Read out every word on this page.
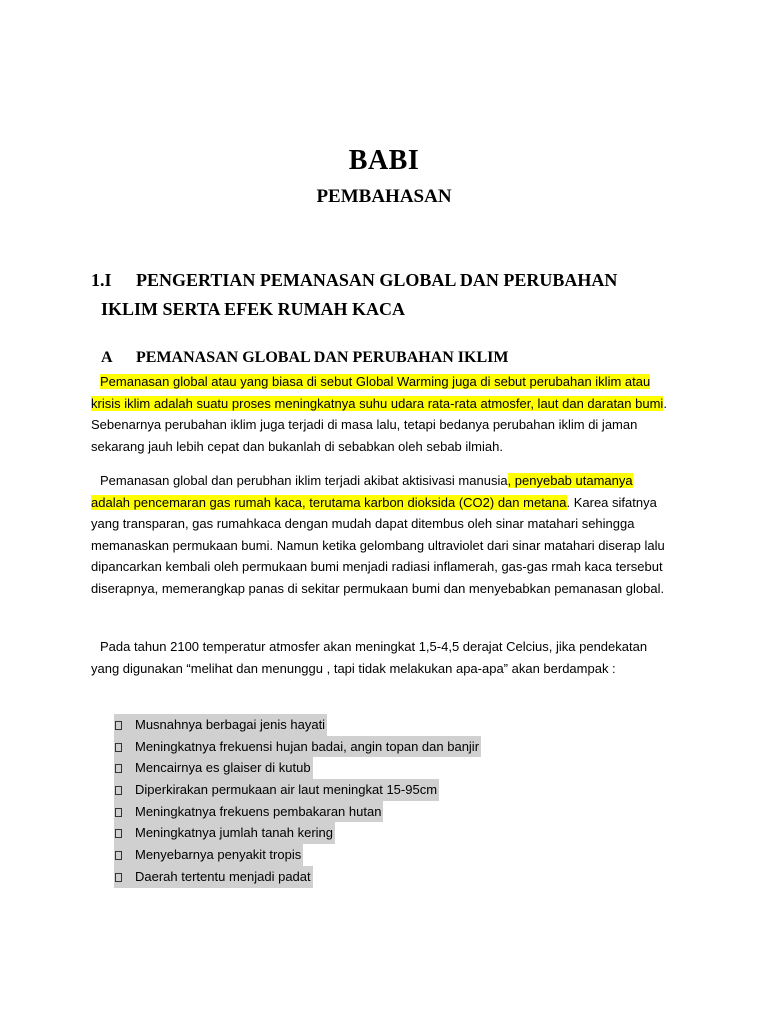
BABI
PEMBAHASAN
1.I PENGERTIAN PEMANASAN GLOBAL DAN PERUBAHAN
IKLIM SERTA EFEK RUMAH KACA
A PEMANASAN GLOBAL DAN PERUBAHAN IKLIM
Pemanasan global atau yang biasa di sebut Global Warming juga di sebut perubahan iklim atau krisis iklim adalah suatu proses meningkatnya suhu udara rata-rata atmosfer, laut dan daratan bumi. Sebenarnya perubahan iklim juga terjadi di masa lalu, tetapi bedanya perubahan iklim di jaman sekarang jauh lebih cepat dan bukanlah di sebabkan oleh sebab ilmiah.
Pemanasan global dan perubhan iklim terjadi akibat aktisivasi manusia, penyebab utamanya adalah pencemaran gas rumah kaca, terutama karbon dioksida (CO2) dan metana. Karea sifatnya yang transparan, gas rumahkaca dengan mudah dapat ditembus oleh sinar matahari sehingga memanaskan permukaan bumi. Namun ketika gelombang ultraviolet dari sinar matahari diserap lalu dipancarkan kembali oleh permukaan bumi menjadi radiasi inflamerah, gas-gas rmah kaca tersebut diserapnya, memerangkap panas di sekitar permukaan bumi dan menyebabkan pemanasan global.
Pada tahun 2100 temperatur atmosfer akan meningkat 1,5-4,5 derajat Celcius, jika pendekatan yang digunakan “melihat dan menunggu , tapi tidak melakukan apa-apa” akan berdampak :
Musnahnya berbagai jenis hayati
Meningkatnya frekuensi hujan badai, angin topan dan banjir
Mencairnya es glaiser di kutub
Diperkirakan permukaan air laut meningkat 15-95cm
Meningkatnya frekuens pembakaran hutan
Meningkatnya jumlah tanah kering
Menyebarnya penyakit tropis
Daerah tertentu menjadi padat
